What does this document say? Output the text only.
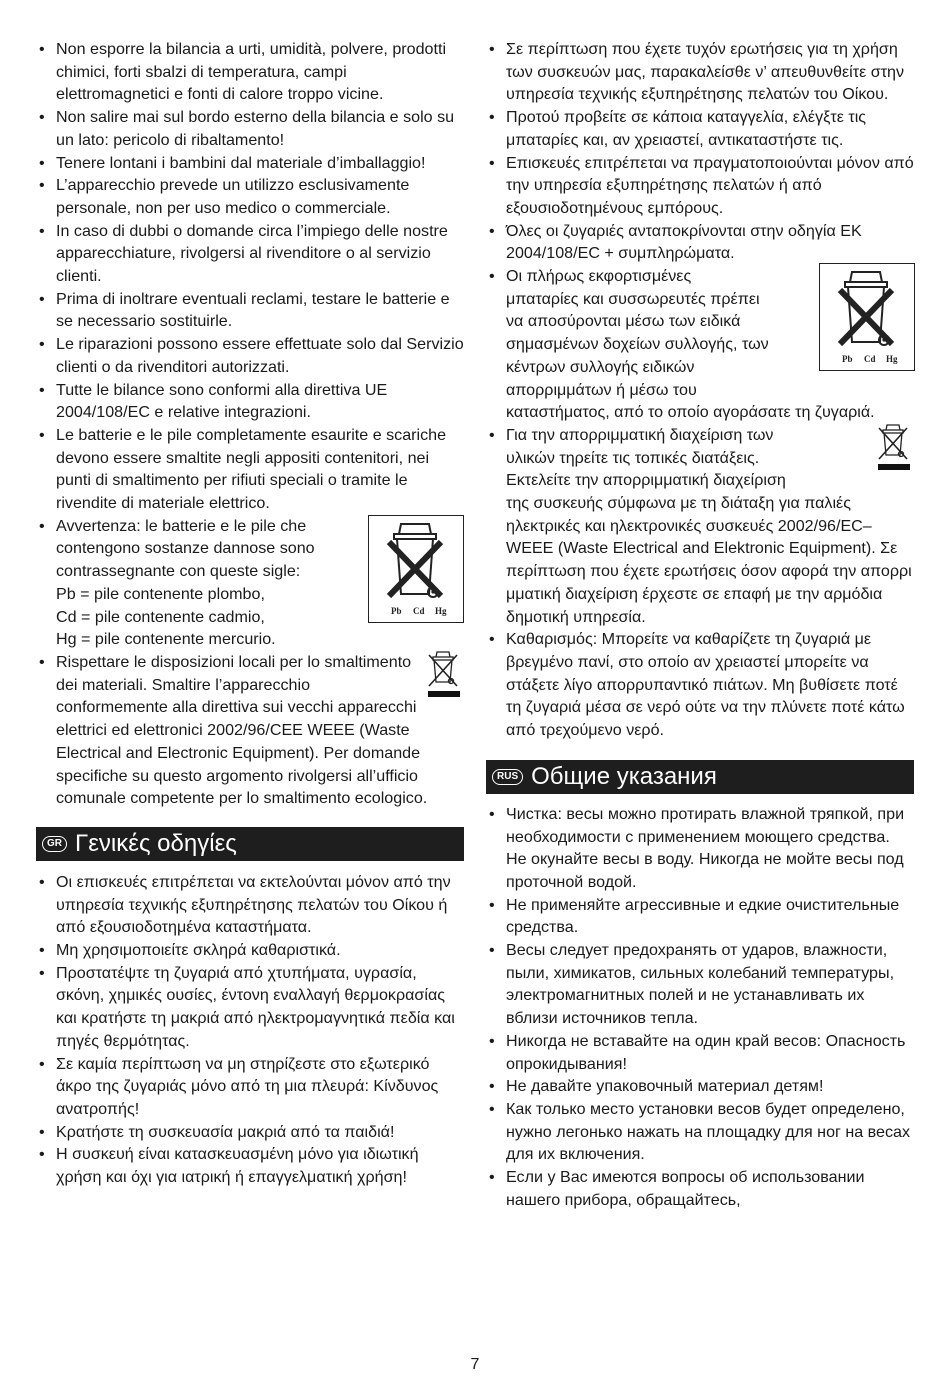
• Non esporre la bilancia a urti, umidità, polvere, prodotti chimici, forti sbalzi di temperatura, campi elettromagnetici e fonti di calore troppo vicine.
• Non salire mai sul bordo esterno della bilancia e solo su un lato: pericolo di ribaltamento!
• Tenere lontani i bambini dal materiale d’imballaggio!
• L’apparecchio prevede un utilizzo esclusivamente personale, non per uso medico o commerciale.
• In caso di dubbi o domande circa l’impiego delle nostre apparecchiature, rivolgersi al rivenditore o al servizio clienti.
• Prima di inoltrare eventuali reclami, testare le batterie e se necessario sostituirle.
• Le riparazioni possono essere effettuate solo dal Servizio clienti o da rivenditori autorizzati.
• Tutte le bilance sono conformi alla direttiva UE 2004/108/EC e relative integrazioni.
• Le batterie e le pile completamente esaurite e scariche devono essere smaltite negli appositi contenitori, nei punti di smaltimento per rifiuti speciali o tramite le rivendite di materiale elettrico.
• Pb Cd Hg
Avvertenza: le batterie e le pile che
contengono sostanze dannose sono
contrassegnante con queste sigle:
Pb = pile contenente plombo,
Cd = pile contenente cadmio,
Hg = pile contenente mercurio.
• Rispettare le disposizioni locali per lo smaltimento dei materiali. Smaltire l’apparecchio conformemente alla direttiva sui vecchi apparecchi elettrici ed elettronici 2002/96/CEE WEEE (Waste Electrical and Electronic Equipment). Per domande specifiche su questo argomento rivolgersi all’ufficio comunale competente per lo smaltimento ecologico.
GR Γενικές οδηγίες
• Οι επισκευές επιτρέπεται να εκτελούνται μόνον από την υπηρεσία τεχνικής εξυπηρέτησης πελατών του Οίκου ή από εξουσιοδοτημένα καταστήματα.
• Μη χρησιμοποιείτε σκληρά καθαριστικά.
• Προστατέψτε τη ζυγαριά από χτυπήματα, υγρασία, σκόνη, χημικές ουσίες, έντονη εναλλαγή θερμοκρασίας και κρατήστε τη μακριά από ηλεκτρομαγνητικά πεδία και πηγές θερμότητας.
• Σε καμία περίπτωση να μη στηρίζεστε στο εξωτερικό άκρο της ζυγαριάς μόνο από τη μια πλευρά: Κίνδυνος ανατροπής!
• Κρατήστε τη συσκευασία μακριά από τα παιδιά!
• Η συσκευή είναι κατασκευασμένη μόνο για ιδιωτική χρήση και όχι για ιατρική ή επαγγελματική χρήση!
• Σε περίπτωση που έχετε τυχόν ερωτήσεις για τη χρήση των συσκευών μας, παρακαλείσθε ν’ απευθυνθείτε στην υπηρεσία τεχνικής εξυπηρέτησης πελατών του Οίκου.
• Προτού προβείτε σε κάποια καταγγελία, ελέγξτε τις μπαταρίες και, αν χρειαστεί, αντικαταστήστε τις.
• Επισκευές επιτρέπεται να πραγματοποιούνται μόνον από την υπηρεσία εξυπηρέτησης πελατών ή από εξουσιοδοτημένους εμπόρους.
• Όλες οι ζυγαριές ανταποκρίνονται στην οδηγία ΕΚ 2004/108/EC + συμπληρώματα.
• Pb Cd Hg
Οι πλήρως εκφορτισμένες
μπαταρίες και συσσωρευτές πρέπει
να αποσύρονται μέσω των ειδικά
σημασμένων δοχείων συλλογής, των
κέντρων συλλογής ειδικών
απορριμμάτων ή μέσω του
καταστήματος, από το οποίο αγοράσατε τη ζυγαριά.
• Για την απορριμματική διαχείριση των
υλικών τηρείτε τις τοπικές διατάξεις.
Εκτελείτε την απορριμματική διαχείριση
της συσκευής σύμφωνα με τη διάταξη για παλιές ηλεκτρικές και ηλεκτρονικές συσκευές 2002/96/EC–WEEE (Waste Electrical and Elektronic Equipment). Σε περίπτωση που έχετε ερωτήσεις όσον αφορά την απορρι μματική διαχείριση έρχεστε σε επαφή με την αρμόδια δημοτική υπηρεσία.
• Καθαρισμός: Μπορείτε να καθαρίζετε τη ζυγαριά με βρεγμένο πανί, στο οποίο αν χρειαστεί μπορείτε να στάξετε λίγο απορρυπαντικό πιάτων. Μη βυθίσετε ποτέ τη ζυγαριά μέσα σε νερό ούτε να την πλύνετε ποτέ κάτω από τρεχούμενο νερό.
RUS Общие указания
• Чистка: весы можно протирать влажной тряпкой, при необходимости с применением моющего средства. Не окунайте весы в воду. Никогда не мойте весы под проточной водой.
• Не применяйте агрессивные и едкие очистительные средства.
• Весы следует предохранять от ударов, влажности, пыли, химикатов, сильных колебаний температуры, электромагнитных полей и не устанавливать их вблизи источников тепла.
• Никогда не вставайте на один край весов: Опасность опрокидывания!
• Не давайте упаковочный материал детям!
• Как только место установки весов будет определено, нужно легонько нажать на площадку для ног на весах для их включения.
• Если у Вас имеются вопросы об использовании нашего прибора, обращайтесь,
7
